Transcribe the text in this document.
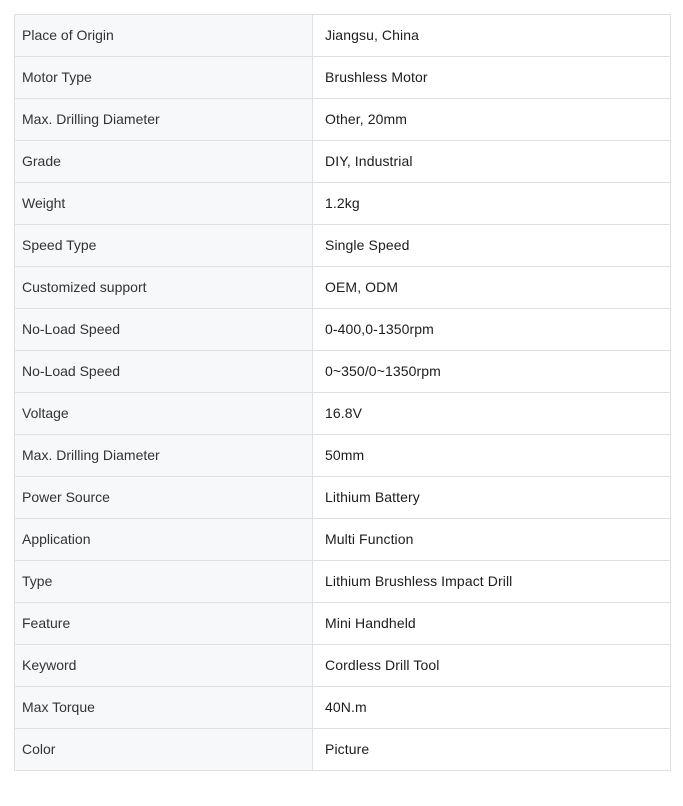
Place of Origin	Jiangsu, China
Motor Type	Brushless Motor
Max. Drilling Diameter	Other, 20mm
Grade	DIY, Industrial
Weight	1.2kg
Speed Type	Single Speed
Customized support	OEM, ODM
No-Load Speed	0-400,0-1350rpm
No-Load Speed	0~350/0~1350rpm
Voltage	16.8V
Max. Drilling Diameter	50mm
Power Source	Lithium Battery
Application	Multi Function
Type	Lithium Brushless Impact Drill
Feature	Mini Handheld
Keyword	Cordless Drill Tool
Max Torque	40N.m
Color	Picture
